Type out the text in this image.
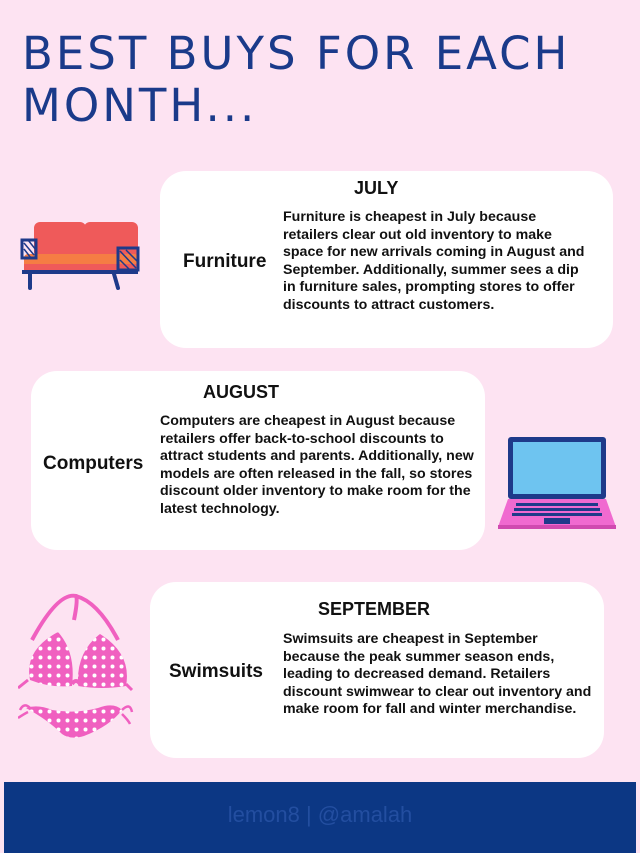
BEST BUYS FOR EACH MONTH...
JULY
Furniture
Furniture is cheapest in July because retailers clear out old inventory to make space for new arrivals coming in August and September. Additionally, summer sees a dip in furniture sales, prompting stores to offer discounts to attract customers.
AUGUST
Computers
Computers are cheapest in August because retailers offer back-to-school discounts to attract students and parents. Additionally, new models are often released in the fall, so stores discount older inventory to make room for the latest technology.
SEPTEMBER
Swimsuits
Swimsuits are cheapest in September because the peak summer season ends, leading to decreased demand. Retailers discount swimwear to clear out inventory and make room for fall and winter merchandise.
lemon8 | @amalah
